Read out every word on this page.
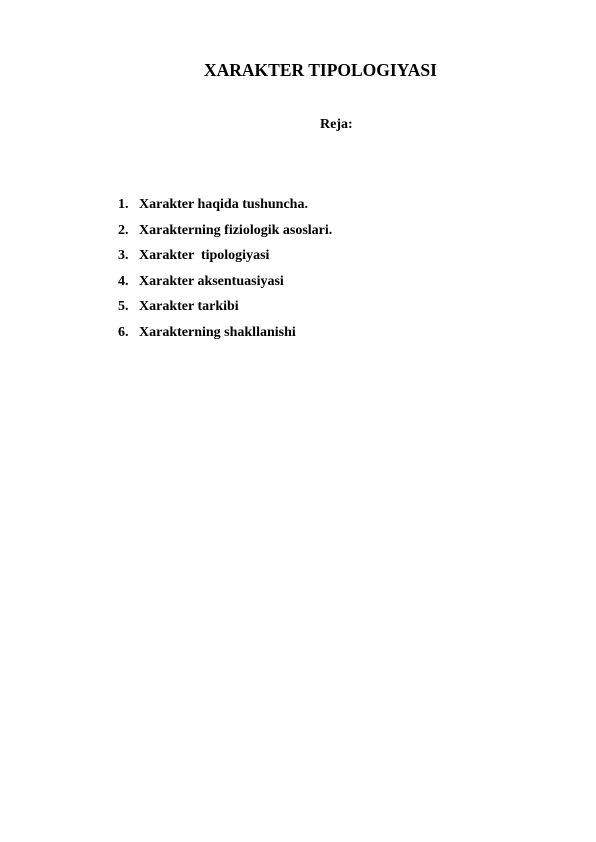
XARAKTER TIPOLOGIYASI
Reja:
1. Xarakter haqida tushuncha.
2. Xarakterning fiziologik asoslari.
3. Xarakter  tipologiyasi
4. Xarakter aksentuasiyasi
5. Xarakter tarkibi
6. Xarakterning shakllanishi
